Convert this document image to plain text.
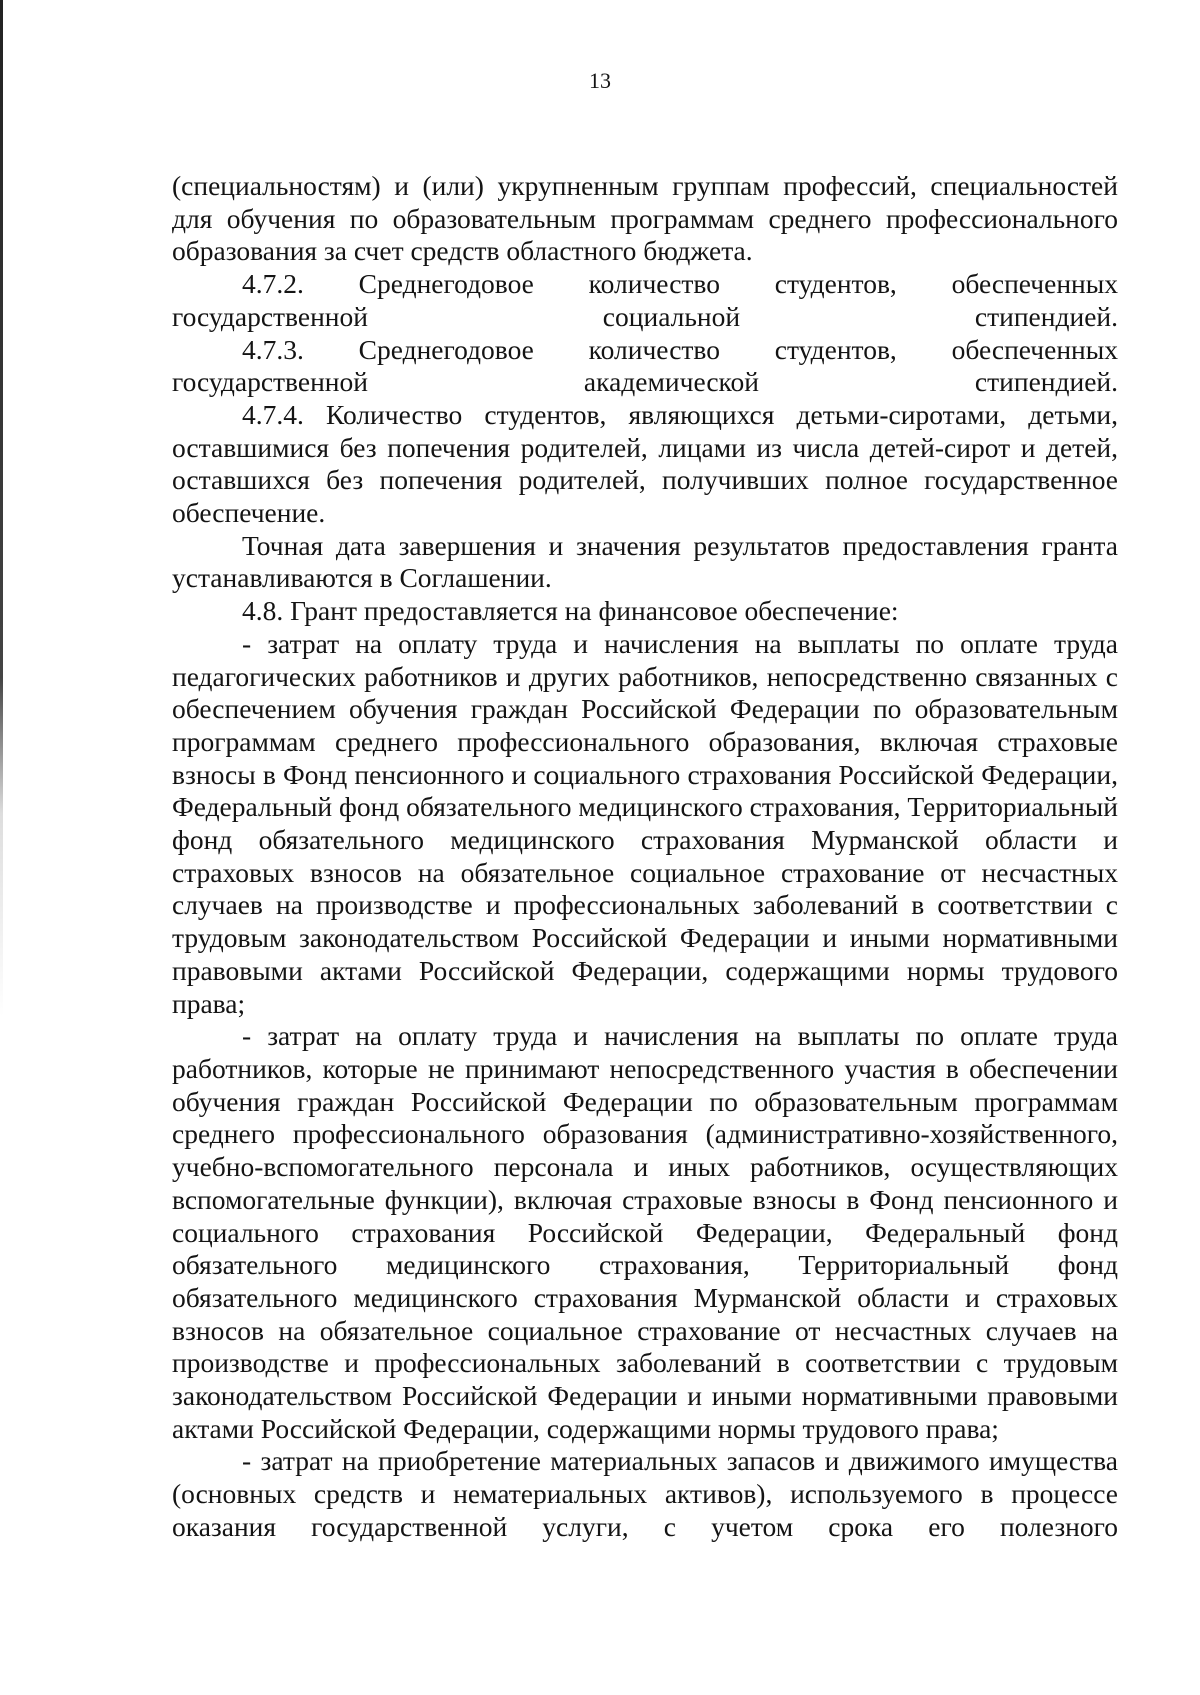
13

(специальностям) и (или) укрупненным группам профессий, специальностей для обучения по образовательным программам среднего профессионального образования за счет средств областного бюджета.

4.7.2. Среднегодовое количество студентов, обеспеченных государственной социальной стипендией.

4.7.3. Среднегодовое количество студентов, обеспеченных государственной академической стипендией.

4.7.4. Количество студентов, являющихся детьми-сиротами, детьми, оставшимися без попечения родителей, лицами из числа детей-сирот и детей, оставшихся без попечения родителей, получивших полное государственное обеспечение.

Точная дата завершения и значения результатов предоставления гранта устанавливаются в Соглашении.

4.8. Грант предоставляется на финансовое обеспечение:

- затрат на оплату труда и начисления на выплаты по оплате труда педагогических работников и других работников, непосредственно связанных с обеспечением обучения граждан Российской Федерации по образовательным программам среднего профессионального образования, включая страховые взносы в Фонд пенсионного и социального страхования Российской Федерации, Федеральный фонд обязательного медицинского страхования, Территориальный фонд обязательного медицинского страхования Мурманской области и страховых взносов на обязательное социальное страхование от несчастных случаев на производстве и профессиональных заболеваний в соответствии с трудовым законодательством Российской Федерации и иными нормативными правовыми актами Российской Федерации, содержащими нормы трудового права;

- затрат на оплату труда и начисления на выплаты по оплате труда работников, которые не принимают непосредственного участия в обеспечении обучения граждан Российской Федерации по образовательным программам среднего профессионального образования (административно-хозяйственного, учебно-вспомогательного персонала и иных работников, осуществляющих вспомогательные функции), включая страховые взносы в Фонд пенсионного и социального страхования Российской Федерации, Федеральный фонд обязательного медицинского страхования, Территориальный фонд обязательного медицинского страхования Мурманской области и страховых взносов на обязательное социальное страхование от несчастных случаев на производстве и профессиональных заболеваний в соответствии с трудовым законодательством Российской Федерации и иными нормативными правовыми актами Российской Федерации, содержащими нормы трудового права;

- затрат на приобретение материальных запасов и движимого имущества (основных средств и нематериальных активов), используемого в процессе оказания государственной услуги, с учетом срока его полезного
